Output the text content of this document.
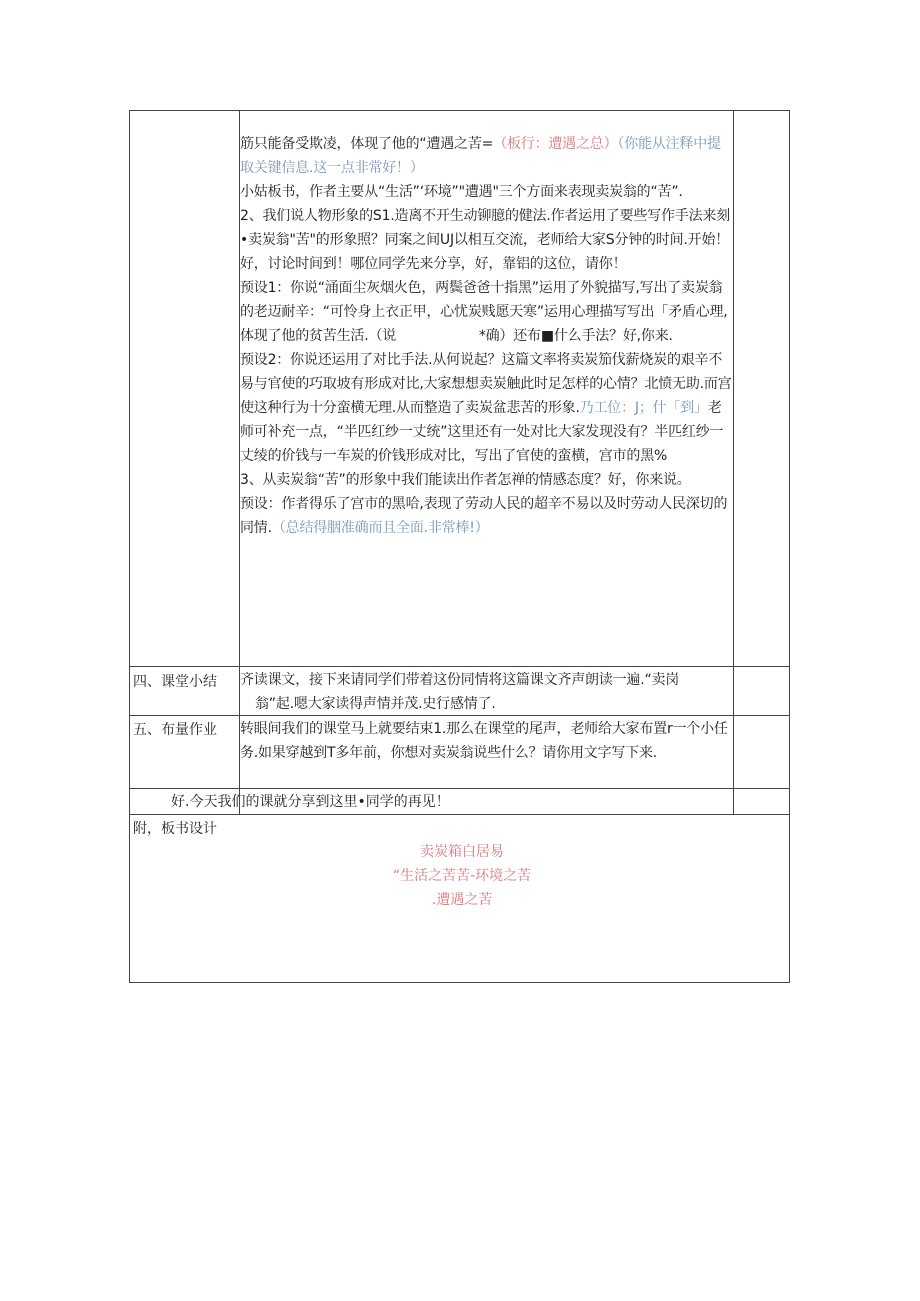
筋只能备受欺凌，体现了他的“遭遇之苦=（板行：遭遇之总）（你能从注释中提取关键信息.这一点非常好！）

小姑板书，作者主要从“生活”‘环境”"遭遇"三个方面来表现卖炭翁的“苦”.

2、我们说人物形象的S1.造离不开生动铆臆的健法.作者运用了要些写作手法来刻•卖炭翁"苦"的形象照？同案之间UJ以相互交流，老师给大家S分钟的时间.开始！好，讨论时间到！哪位同学先来分享，好，靠铝的这位，请你！

预设1：你说“涌面尘灰烟火色，两鬓爸爸十指黑”运用了外貌描写,写出了卖炭翁的老迈耐辛：“可怜身上衣正甲，心忧炭贱愿天寒”运用心理描写写出「矛盾心理,体现了他的贫苦生活.（说　　　　　　*确）还布■什么手法？好,你来.

预设2：你说还运用了对比手法.从何说起？这篇文率将卖炭笳伐薪烧炭的艰辛不易与官使的巧取坡有形成对比,大家想想卖炭触此时足怎样的心情？北愤无助.而宫使这种行为十分蛮横无理.从而整造了卖炭盆悲苦的形象.乃工位：J；什「到」老师可补充一点，“半匹红纱一丈统”这里还有一处对比大家发现没有？半匹红纱一丈绫的价钱与一车炭的价钱形成对比，写出了官使的蛮横，宫市的黑%

3、从卖炭翁“苦”的形象中我们能读出作者怎禅的情感态度？好，你来说。

预设：作者得乐了宫市的黑哈,表现了劳动人民的超辛不易以及时劳动人民深切的同情.（总结得胭准确而且全面.非常棒!）

四、课堂小结 齐读课文，接下来请同学们带着这份同情将这篇课文齐声朗读一遍.“卖岗
翁”起.嗯大家读得声情并茂.史行感情了.
五、布量作业 转眼间我们的课堂马上就要结束1.那么在课堂的尾声，老师给大家布置r一个小任务.如果穿越到T多年前，你想对卖炭翁说些什么？请你用文字写下来.
好.今天我们的课就分享到这里•同学的再见！
附，板书设计
卖炭箱白居易
“生活之苦苦-环境之苦
.遭遇之苦
